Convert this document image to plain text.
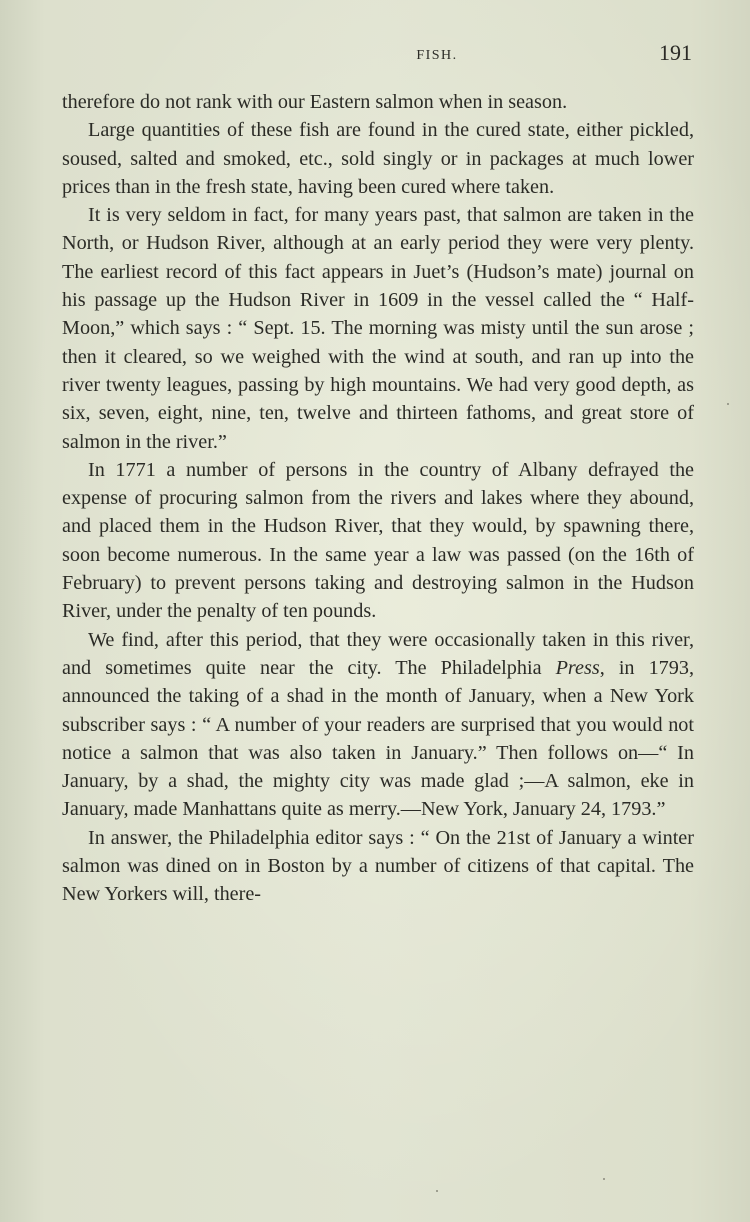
FISH.	191

therefore do not rank with our Eastern salmon when in season.

Large quantities of these fish are found in the cured state, either pickled, soused, salted and smoked, etc., sold singly or in packages at much lower prices than in the fresh state, having been cured where taken.

It is very seldom in fact, for many years past, that salmon are taken in the North, or Hudson River, although at an early period they were very plenty. The earliest record of this fact appears in Juet’s (Hudson’s mate) journal on his passage up the Hudson River in 1609 in the vessel called the “ Half-Moon,” which says : “ Sept. 15. The morning was misty until the sun arose ; then it cleared, so we weighed with the wind at south, and ran up into the river twenty leagues, passing by high mountains. We had very good depth, as six, seven, eight, nine, ten, twelve and thirteen fathoms, and great store of salmon in the river.”

In 1771 a number of persons in the country of Albany defrayed the expense of procuring salmon from the rivers and lakes where they abound, and placed them in the Hudson River, that they would, by spawning there, soon become numerous. In the same year a law was passed (on the 16th of February) to prevent persons taking and destroying salmon in the Hudson River, under the penalty of ten pounds.

We find, after this period, that they were occasionally taken in this river, and sometimes quite near the city. The Philadelphia Press, in 1793, announced the taking of a shad in the month of January, when a New York subscriber says : “ A number of your readers are surprised that you would not notice a salmon that was also taken in January.” Then follows on—“ In January, by a shad, the mighty city was made glad ;—A salmon, eke in January, made Manhattans quite as merry.—New York, January 24, 1793.”

In answer, the Philadelphia editor says : “ On the 21st of January a winter salmon was dined on in Boston by a number of citizens of that capital. The New Yorkers will, there-
